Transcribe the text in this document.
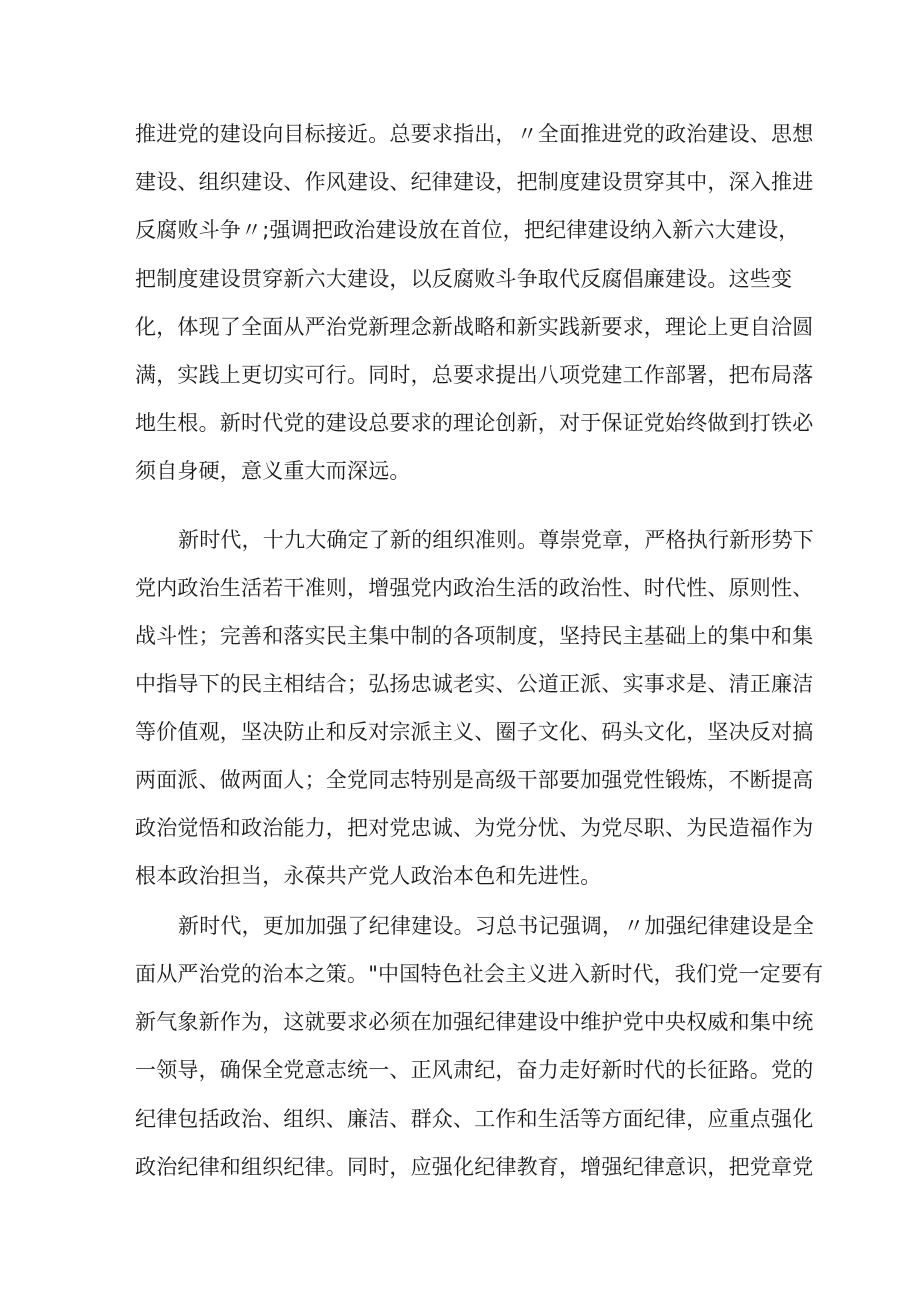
推进党的建设向目标接近。总要求指出，〃全面推进党的政治建设、思想
建设、组织建设、作风建设、纪律建设，把制度建设贯穿其中，深入推进
反腐败斗争〃;强调把政治建设放在首位，把纪律建设纳入新六大建设，
把制度建设贯穿新六大建设，以反腐败斗争取代反腐倡廉建设。这些变
化，体现了全面从严治党新理念新战略和新实践新要求，理论上更自洽圆
满，实践上更切实可行。同时，总要求提出八项党建工作部署，把布局落
地生根。新时代党的建设总要求的理论创新，对于保证党始终做到打铁必
须自身硬，意义重大而深远。
新时代，十九大确定了新的组织准则。尊崇党章，严格执行新形势下
党内政治生活若干准则，增强党内政治生活的政治性、时代性、原则性、
战斗性；完善和落实民主集中制的各项制度，坚持民主基础上的集中和集
中指导下的民主相结合；弘扬忠诚老实、公道正派、实事求是、清正廉洁
等价值观，坚决防止和反对宗派主义、圈子文化、码头文化，坚决反对搞
两面派、做两面人；全党同志特别是高级干部要加强党性锻炼，不断提高
政治觉悟和政治能力，把对党忠诚、为党分忧、为党尽职、为民造福作为
根本政治担当，永葆共产党人政治本色和先进性。
新时代，更加加强了纪律建设。习总书记强调，〃加强纪律建设是全
面从严治党的治本之策。"中国特色社会主义进入新时代，我们党一定要有
新气象新作为，这就要求必须在加强纪律建设中维护党中央权威和集中统
一领导，确保全党意志统一、正风肃纪，奋力走好新时代的长征路。党的
纪律包括政治、组织、廉洁、群众、工作和生活等方面纪律，应重点强化
政治纪律和组织纪律。同时，应强化纪律教育，增强纪律意识，把党章党
